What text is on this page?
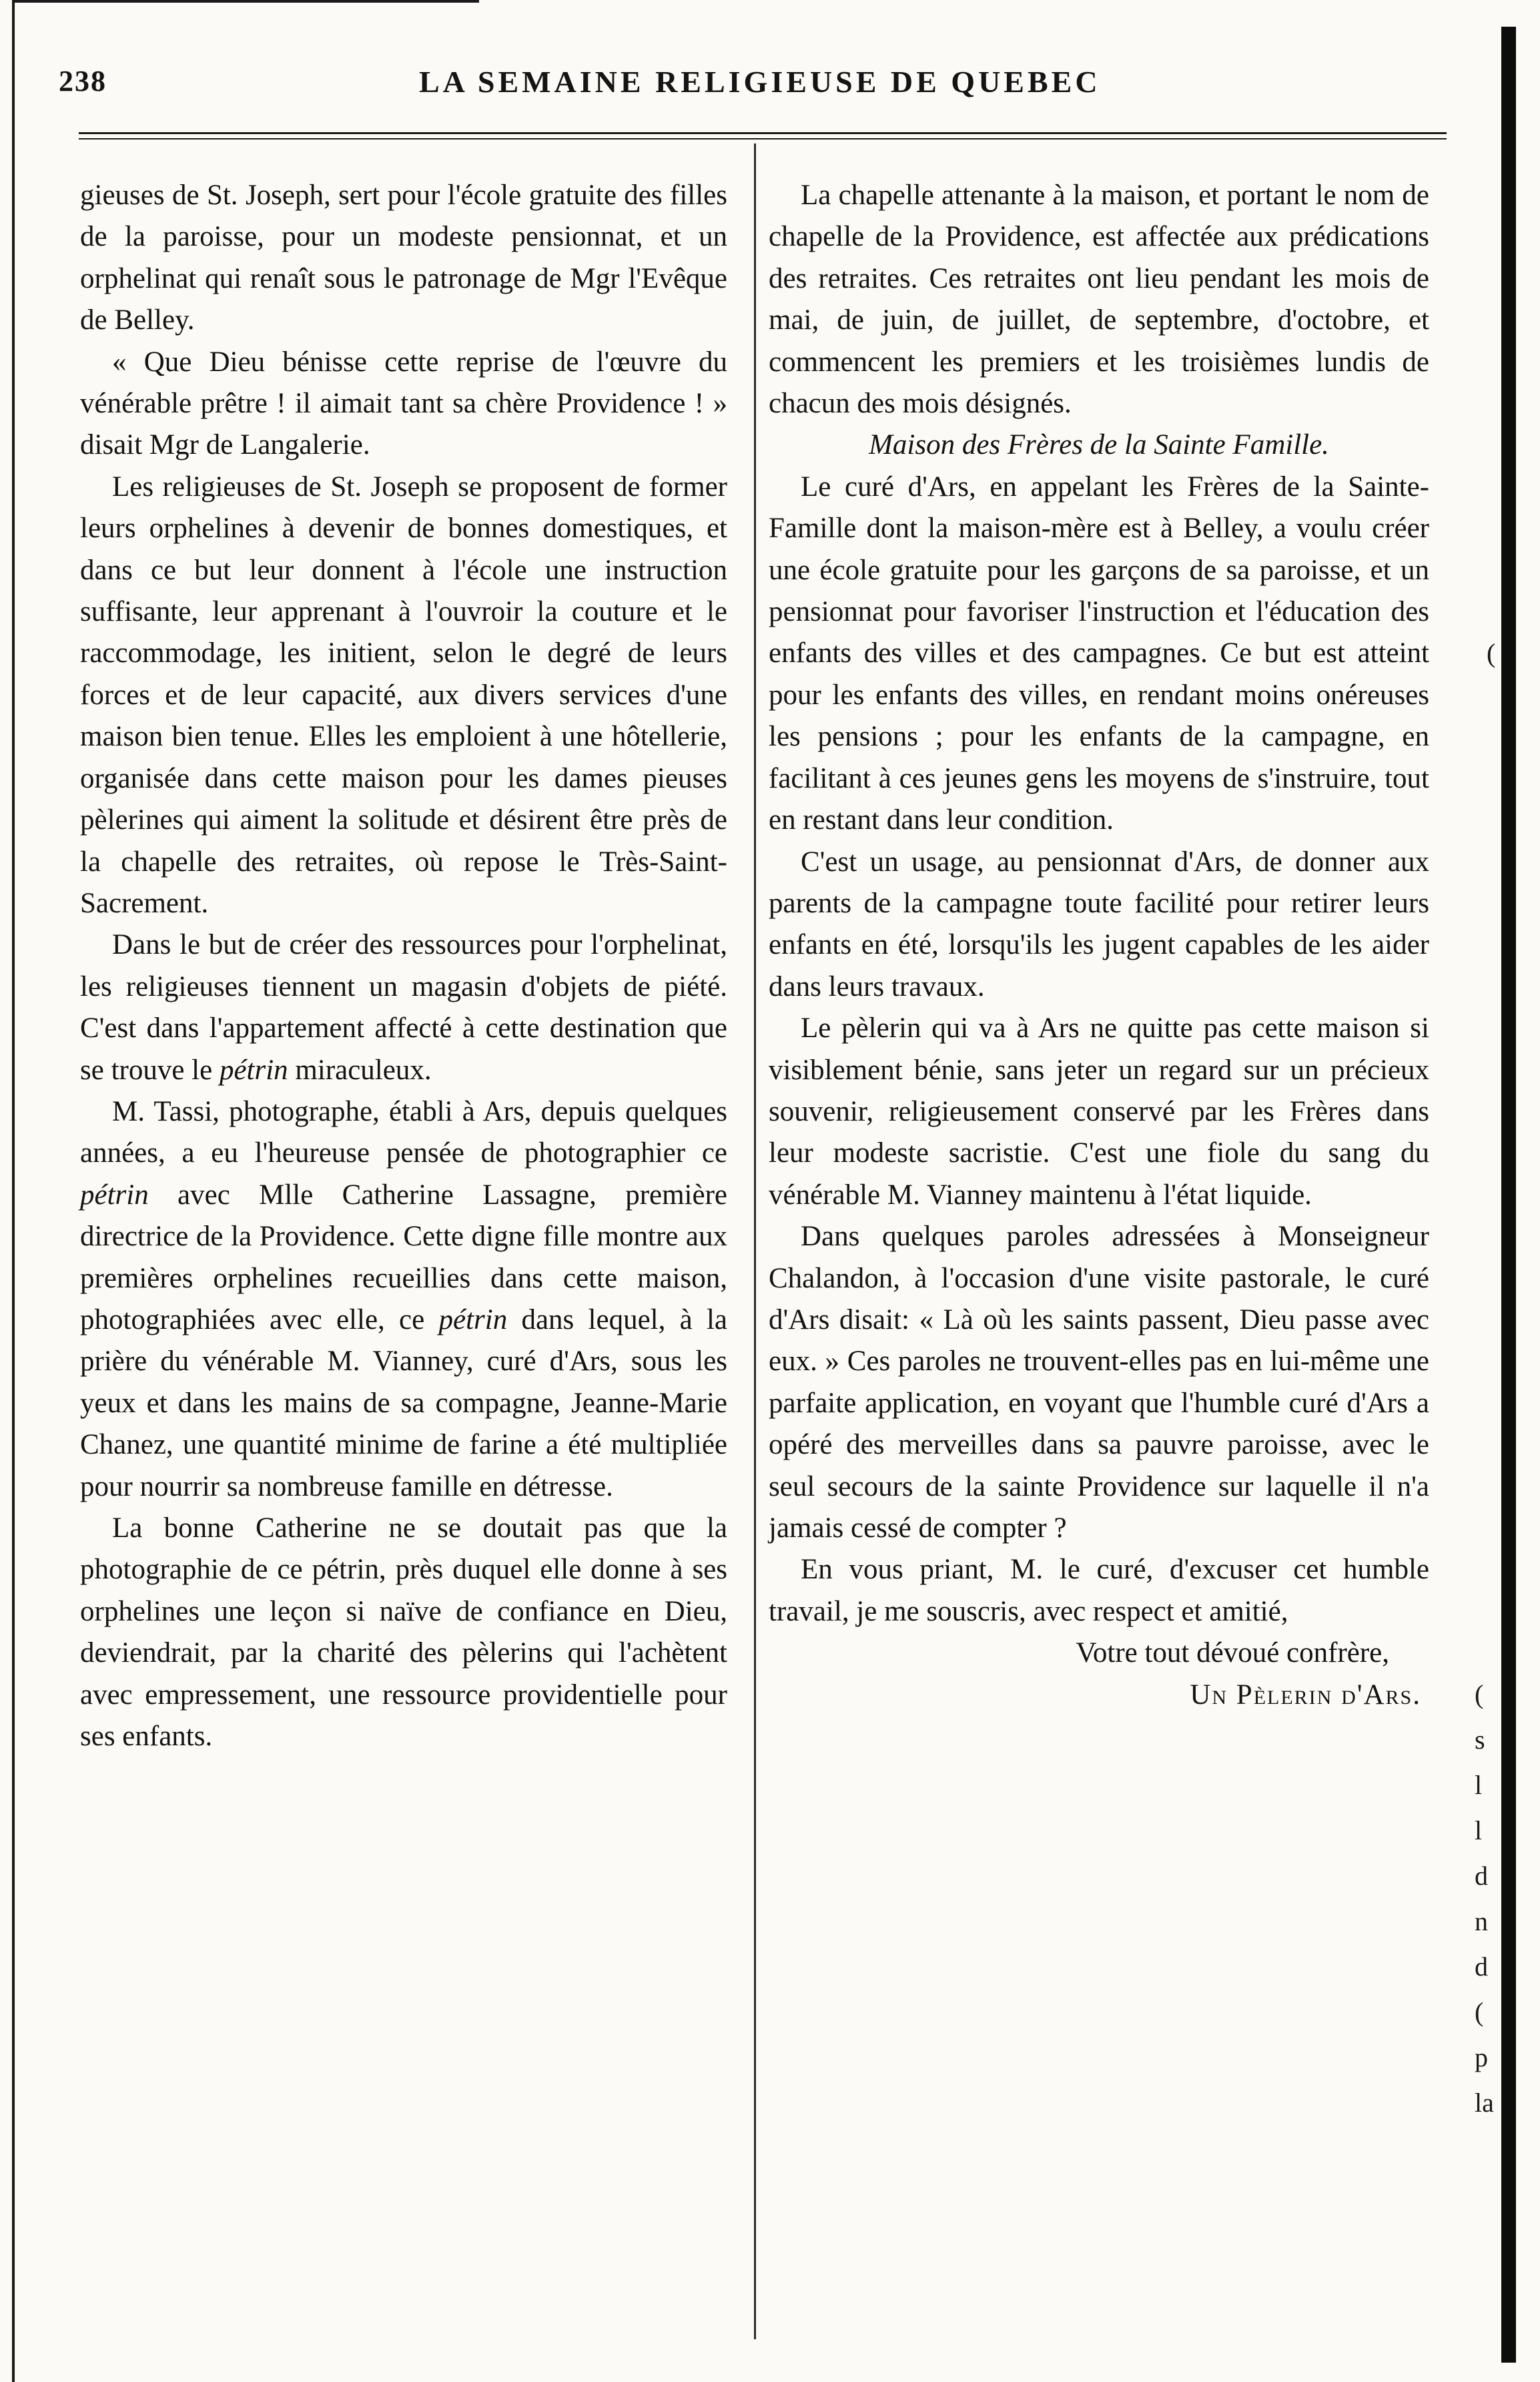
238	LA SEMAINE RELIGIEUSE DE QUEBEC

gieuses de St. Joseph, sert pour l'école gratuite des filles de la paroisse, pour un modeste pensionnat, et un orphelinat qui renaît sous le patronage de Mgr l'Evêque de Belley.

« Que Dieu bénisse cette reprise de l'œuvre du vénérable prêtre ! il aimait tant sa chère Providence ! » disait Mgr de Langalerie.

Les religieuses de St. Joseph se proposent de former leurs orphelines à devenir de bonnes domestiques, et dans ce but leur donnent à l'école une instruction suffisante, leur apprenant à l'ouvroir la couture et le raccommodage, les initient, selon le degré de leurs forces et de leur capacité, aux divers services d'une maison bien tenue. Elles les emploient à une hôtellerie, organisée dans cette maison pour les dames pieuses pèlerines qui aiment la solitude et désirent être près de la chapelle des retraites, où repose le Très-Saint-Sacrement.

Dans le but de créer des ressources pour l'orphelinat, les religieuses tiennent un magasin d'objets de piété. C'est dans l'appartement affecté à cette destination que se trouve le pétrin miraculeux.

M. Tassi, photographe, établi à Ars, depuis quelques années, a eu l'heureuse pensée de photographier ce pétrin avec Mlle Catherine Lassagne, première directrice de la Providence. Cette digne fille montre aux premières orphelines recueillies dans cette maison, photographiées avec elle, ce pétrin dans lequel, à la prière du vénérable M. Vianney, curé d'Ars, sous les yeux et dans les mains de sa compagne, Jeanne-Marie Chanez, une quantité minime de farine a été multipliée pour nourrir sa nombreuse famille en détresse.

La bonne Catherine ne se doutait pas que la photographie de ce pétrin, près duquel elle donne à ses orphelines une leçon si naïve de confiance en Dieu, deviendrait, par la charité des pèlerins qui l'achètent avec empressement, une ressource providentielle pour ses enfants.

La chapelle attenante à la maison, et portant le nom de chapelle de la Providence, est affectée aux prédications des retraites. Ces retraites ont lieu pendant les mois de mai, de juin, de juillet, de septembre, d'octobre, et commencent les premiers et les troisièmes lundis de chacun des mois désignés.

Maison des Frères de la Sainte Famille.

Le curé d'Ars, en appelant les Frères de la Sainte-Famille dont la maison-mère est à Belley, a voulu créer une école gratuite pour les garçons de sa paroisse, et un pensionnat pour favoriser l'instruction et l'éducation des enfants des villes et des campagnes. Ce but est atteint pour les enfants des villes, en rendant moins onéreuses les pensions ; pour les enfants de la campagne, en facilitant à ces jeunes gens les moyens de s'instruire, tout en restant dans leur condition.

C'est un usage, au pensionnat d'Ars, de donner aux parents de la campagne toute facilité pour retirer leurs enfants en été, lorsqu'ils les jugent capables de les aider dans leurs travaux.

Le pèlerin qui va à Ars ne quitte pas cette maison si visiblement bénie, sans jeter un regard sur un précieux souvenir, religieusement conservé par les Frères dans leur modeste sacristie. C'est une fiole du sang du vénérable M. Vianney maintenu à l'état liquide.

Dans quelques paroles adressées à Monseigneur Chalandon, à l'occasion d'une visite pastorale, le curé d'Ars disait: « Là où les saints passent, Dieu passe avec eux. » Ces paroles ne trouvent-elles pas en lui-même une parfaite application, en voyant que l'humble curé d'Ars a opéré des merveilles dans sa pauvre paroisse, avec le seul secours de la sainte Providence sur laquelle il n'a jamais cessé de compter ?

En vous priant, M. le curé, d'excuser cet humble travail, je me souscris, avec respect et amitié,

Votre tout dévoué confrère,

Un Pèlerin d'Ars.

(
(
s
l
l
d
n
d
(
p
la
